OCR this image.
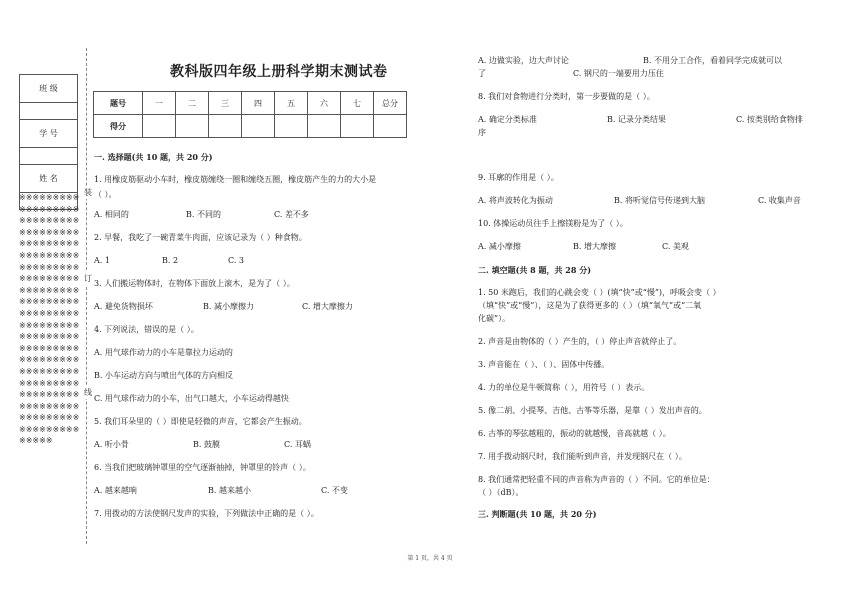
班 级

学 号

姓 名

※※※※※※※※※※※※※※※※※※※※※※※※※※※※※※※※※※※※※※※※※※※※※※※※※※※※※※※※※※※※※※※※※※※※※※※※※※※※※※※※※※※※※※※※※※※※※※※※※※※※※※※※※※※※※※※※※※※※※※※※※※※※※※※※※※※※※※※※※※※※※※※※※※※※※※※※※※※※※※※※※※※※※※※※※※※※※※※※※※※※※※※※※※※※※※※※※※
装
订
线
教科版四年级上册科学期末测试卷
题号	一	二	三	四	五	六	七	总分
得分								
一. 选择题(共 10 题，共 20 分)
1. 用橡皮筋驱动小车时，橡皮筋缠绕一圈和缠绕五圈，橡皮筋产生的力的大小是
（ ）。
A. 相同的	B. 不同的	C. 差不多
2. 早餐，我吃了一碗青菜牛肉面，应该记录为（ ）种食物。
A. 1	B. 2	C. 3
3. 人们搬运物体时，在物体下面放上滚木，是为了（ ）。
A. 避免货物损坏	B. 减小摩擦力	C. 增大摩擦力
4. 下列说法，错误的是（ ）。
A. 用气球作动力的小车是靠拉力运动的
B. 小车运动方向与喷出气体的方向相反
C. 用气球作动力的小车，出气口越大，小车运动得越快
5. 我们耳朵里的（ ）即使是轻微的声音，它都会产生振动。
A. 听小骨	B. 鼓膜	C. 耳蜗
6. 当我们把玻璃钟罩里的空气逐渐抽掉，钟罩里的铃声（ ）。
A. 越来越响	B. 越来越小	C. 不变
7. 用拨动的方法使钢尺发声的实验，下列做法中正确的是（ ）。
A. 边做实验，边大声讨论	B. 不用分工合作，看着同学完成就可以
了	C. 钢尺的一端要用力压住
8. 我们对食物进行分类时，第一步要做的是（ ）。
A. 确定分类标准	B. 记录分类结果	C. 按类别给食物排
序
9. 耳廓的作用是（ ）。
A. 将声波转化为振动	B. 将听觉信号传递到大脑	C. 收集声音
10. 体操运动员往手上擦镁粉是为了（ ）。
A. 减小摩擦	B. 增大摩擦	C. 美观
二. 填空题(共 8 题，共 28 分)
1. 50 米跑后，我们的心跳会变（ ）(填“快”或“慢”)，呼吸会变（ ）
（填“快”或“慢”），这是为了获得更多的（ ）（填“氧气”或“二氧
化碳”）。
2. 声音是由物体的（ ）产生的，（ ）停止声音就停止了。
3. 声音能在（ ）、（ ）、固体中传播。
4. 力的单位是牛顿简称（ ），用符号（ ）表示。
5. 像二胡、小提琴、吉他、古筝等乐器，是靠（ ）发出声音的。
6. 古筝的琴弦越粗的，振动的就越慢，音高就越（ ）。
7. 用手拨动钢尺时，我们能听到声音，并发现钢尺在（ ）。
8. 我们通常把轻重不同的声音称为声音的（ ）不同。它的单位是：
（ ）（dB）。
三. 判断题(共 10 题，共 20 分)
第 1 页，共 4 页
